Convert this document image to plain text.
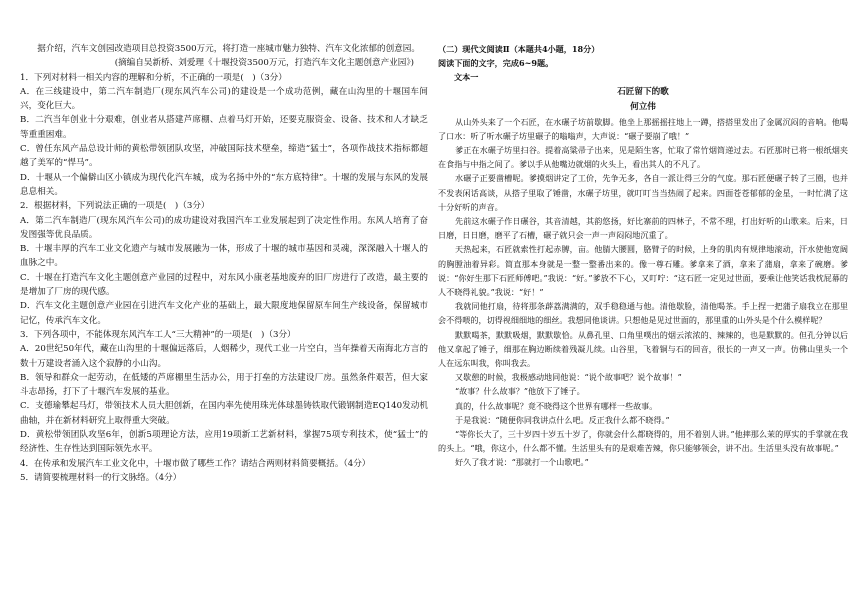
据介绍，汽车文创园改造项目总投资3500万元，将打造一座城市魅力独特、汽车文化浓郁的创意园。

(摘编自吴新桥、刘爱理《十堰投资3500万元，打造汽车文化主题创意产业园》)

1．下列对材料一相关内容的理解和分析，不正确的一项是(　)（3分）

A．在三线建设中，第二汽车制造厂(现东风汽车公司)的建设是一个成功范例，藏在山沟里的十堰国车间兴，变化巨大。

B．二汽当年创业十分艰难，创业者从搭建芦席棚、点着马灯开始，还要克服资金、设备、技术和人才缺乏等重重困难。

C．曾任东风产品总设计师的黄松带领团队攻坚，冲破国际技术壁垒，缔造“猛士”，各项作战技术指标都超越了美军的“悍马”。

D．十堰从一个偏僻山区小镇成为现代化汽车城，成为名扬中外的“东方底特律”。十堰的发展与东风的发展息息相关。

2．根据材料，下列说法正确的一项是(　)（3分）

A．第二汽车制造厂(现东风汽车公司)的成功建设对我国汽车工业发展起到了决定性作用。东风人培育了奋发图强等优良品质。

B．十堰丰厚的汽车工业文化遗产与城市发展融为一体，形成了十堰的城市基因和灵魂，深深融入十堰人的血脉之中。

C．十堰在打造汽车文化主题创意产业园的过程中，对东风小康老基地废弃的旧厂房进行了改造，最主要的是增加了厂房的现代感。

D．汽车文化主题创意产业园在引进汽车文化产业的基础上，最大限度地保留原车间生产线设备，保留城市记忆，传承汽车文化。

3．下列各项中，不能体现东风汽车工人“三大精神”的一项是(　)（3分）

A．20世纪50年代，藏在山沟里的十堰偏远落后，人烟稀少，现代工业一片空白，当年操着天南海北方言的数十万建设者涌入这个寂静的小山沟。

B．领导和群众一起劳动，在低矮的芦席棚里生活办公，用于打垒的方法建设厂房。虽然条件艰苦，但大家斗志昂扬，打下了十堰汽车发展的基业。

C．支德瑜攀起马灯，带领技术人员大胆创新，在国内率先使用珠光体球墨铸铁取代锻钢制造EQ140发动机曲轴，并在新材料研究上取得重大突破。

D．黄松带领团队攻坚6年，创新5项理论方法，应用19项新工艺新材料，掌握75项专利技术，使“猛士”的经济性、生存性达到国际领先水平。

4．在传承和发展汽车工业文化中，十堰市做了哪些工作？请结合两则材料简要概括。（4分）

5．请简要梳理材料一的行文脉络。（4分）

（二）现代文阅读Ⅱ（本题共4小题，18分）

阅读下面的文字，完成6~9题。

文本一

石匠留下的歌

何立伟

从山外头来了一个石匠，在水碾子坊前歇脚。他坐上那摇摇拄地上一蹲，搭搭里发出了金属沉闷的音响。他喝了口水：听了听水碾子坊里碾子的嗡嗡声，大声说：“碾子要崩了哦！”

爹正在水碾子坊里扫谷。提着高粱帚子出来，见是陌生客，忙取了常竹烟筒递过去。石匠那时已将一根纸烟夹在食指与中指之间了。爹以手从他嘴边就烟的火头上，看出其人的不凡了。

水碾子正要凿槽呢。爹摸烟讲定了工价，先争无多，各自一派让得三分的气度。那石匠便碾子转了三圈，也并不发表闲话高谈，从搭子里取了锤凿，水碾子坊里，就叮叮当当热闹了起来。四面苍苍郁郁的金星，一时忙满了这十分好听的声音。

先前这水碾子作日碾谷，其音清越，其韵悠扬，好比寨前的四林子，不常不理，打出好听的山歌来。后来，日日磨，日日磨，磨平了石槽，碾子就只会一声一声闷闷地沉重了。

天热起来，石匠就索性打起赤膊，亩。他腈大腰圆，胳臂子的时候，上身的肌肉有规律地滚动，汗水使他宽阔的胸膛油着异彩。简直那本身就是一整一整番出来的。像一尊石雕。爹拿来了酒，拿来了蒲扇，拿来了碗磨。爹说：“你好生那下石匠师傅吧。”我说：“好。”爹放不下心，又叮咛：“这石匠一定见过世面，要乘让他笑话我枕屁幕的人不晓得礼貌。”我说：“好！”

我就同他打扇，待将那条薜荔满满的，双手稳稳通与他。清他歇脸，清他喝茶。手上捏一把蒲子扇我立在那里会不得喂的，切得视细细地的细丝。我想同他谈讲。只想他是见过世面的，那里重的山外头是个什么模样呢？

默默喝茶，默默吸烟，默默歇恰。从鼻孔里、口角里噗出的烟云浓浓的、辣辣的，也是默默的。但孔分钟以后他又拿起了锤子，细那在胸边断续着残凝儿续。山谷里，飞着铜与石的回音，很长的一声又一声。仿佛山里头一个人在远东叫我，你叫我去。

又歇憩的时候，我极感动地同他说：“说个故事吧？说个故事！”

“故事？什么故事？”他放下了锤子。

真的，什么故事呢？竟不晓得这个世界有哪样一些故事。

于是我说：“随便你同我讲点什么吧。反正我什么都不晓得。”

“等你长大了，三十岁四十岁五十岁了，你就会什么都晓得的，用不着别人讲。”他摔那么茉的厚实的手掌就在我的头上。“哦，你这小，什么都不懂。生活里头有的是艰难苦辣，你只能够领会，讲不出。生活里头没有故事呢。”

好久了我才说：“那就打一个山歌吧。”
